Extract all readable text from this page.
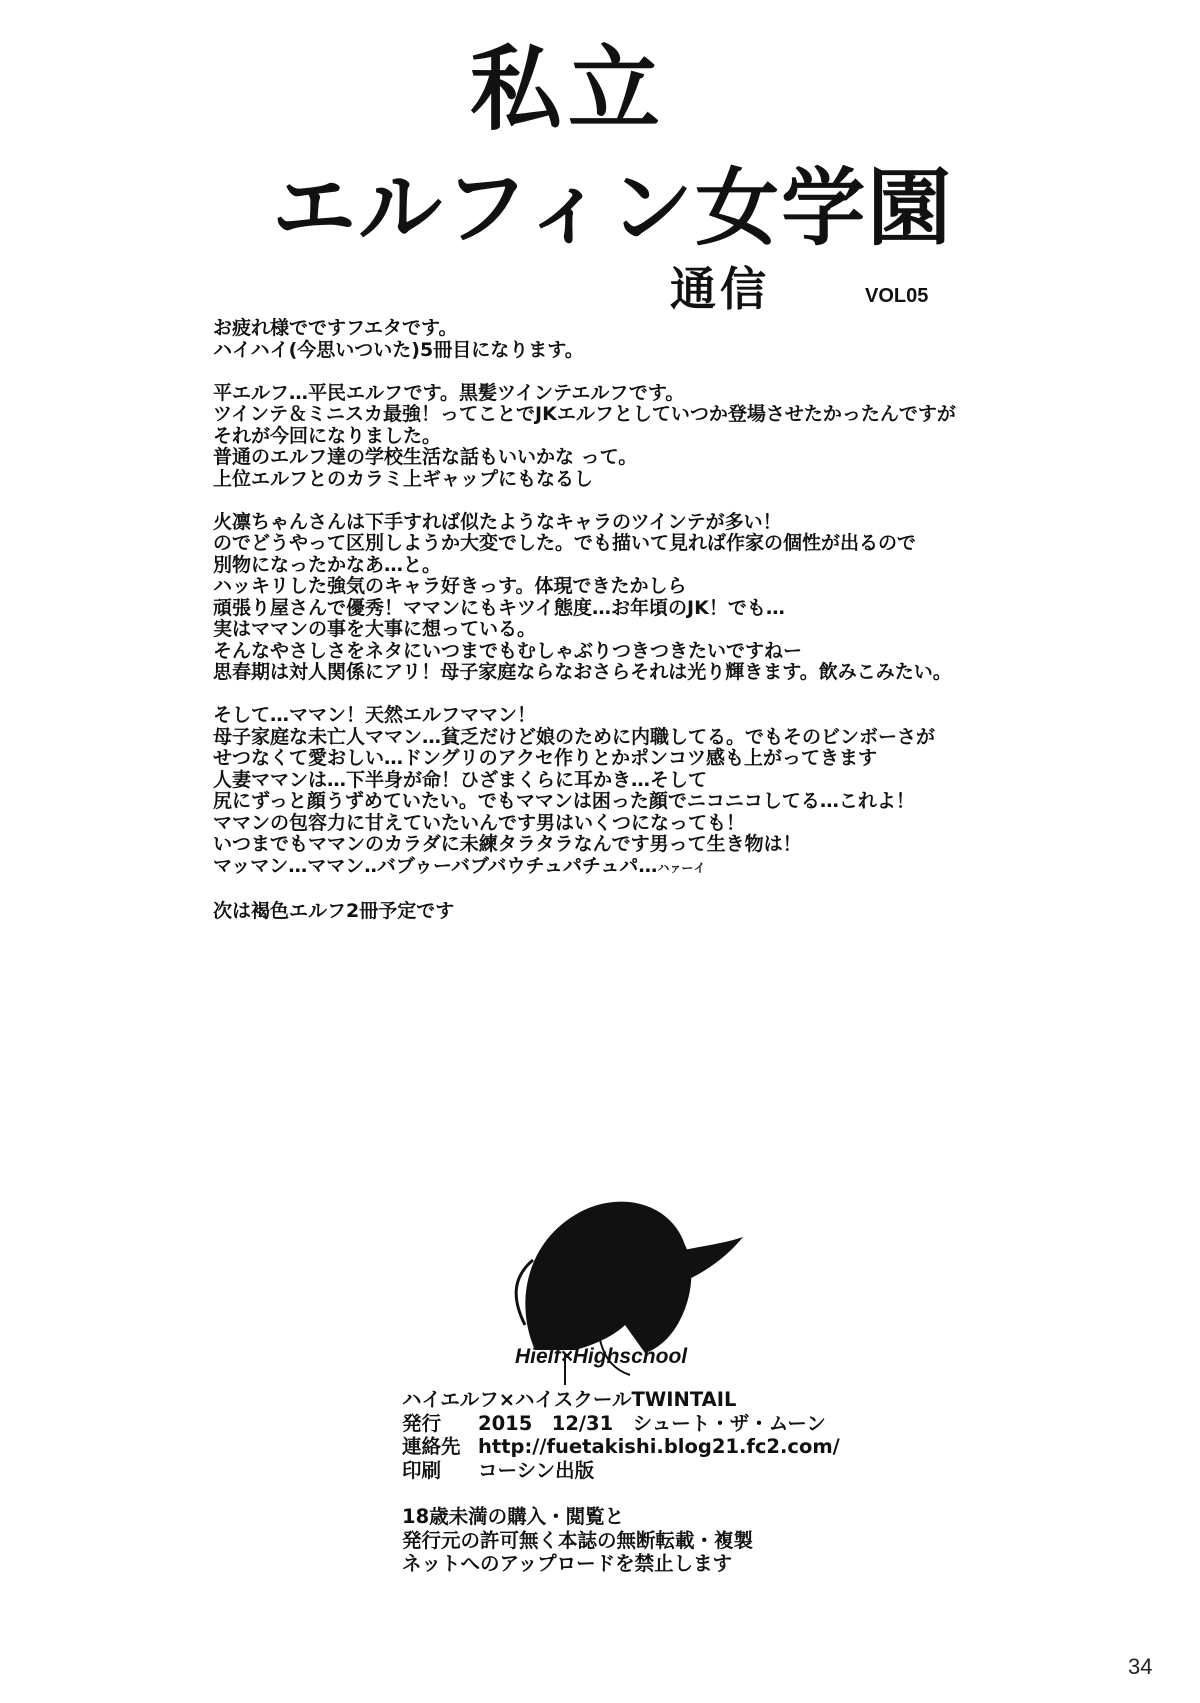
私立
エルフィン女学園
通信	VOL05
お疲れ様でですフエタです。
ハイハイ(今思いついた)5冊目になります。
平エルフ…平民エルフです。黒髪ツインテエルフです。
ツインテ＆ミニスカ最強！ってことでJKエルフとしていつか登場させたかったんですが
それが今回になりました。
普通のエルフ達の学校生活な話もいいかな って。
上位エルフとのカラミ上ギャップにもなるし
火凛ちゃんさんは下手すれば似たようなキャラのツインテが多い！
のでどうやって区別しようか大変でした。でも描いて見れば作家の個性が出るので
別物になったかなあ…と。
ハッキリした強気のキャラ好きっす。体現できたかしら
頑張り屋さんで優秀！ママンにもキツイ態度…お年頃のJK！でも…
実はママンの事を大事に想っている。
そんなやさしさをネタにいつまでもむしゃぶりつきつきたいですねー
思春期は対人関係にアリ！母子家庭ならなおさらそれは光り輝きます。飲みこみたい。
そして…ママン！天然エルフママン！
母子家庭な未亡人ママン…貧乏だけど娘のために内職してる。でもそのビンボーさが
せつなくて愛おしい…ドングリのアクセ作りとかポンコツ感も上がってきます
人妻ママンは…下半身が命！ひざまくらに耳かき…そして
尻にずっと顔うずめていたい。でもママンは困った顔でニコニコしてる…これよ！
ママンの包容力に甘えていたいんです男はいくつになっても！
いつまでもママンのカラダに未練タラタラなんです男って生き物は！
マッマン…ママン‥バブゥーバブバウチュパチュパ…ハァーイ
次は褐色エルフ2冊予定です
Hielf×Highschool
ハイエルフ×ハイスクールTWINTAIL
発行 2015　12/31　シュート・ザ・ムーン
連絡先 http://fuetakishi.blog21.fc2.com/
印刷 コーシン出版
18歳未満の購入・閲覧と
発行元の許可無く本誌の無断転載・複製
ネットへのアップロードを禁止します
34
